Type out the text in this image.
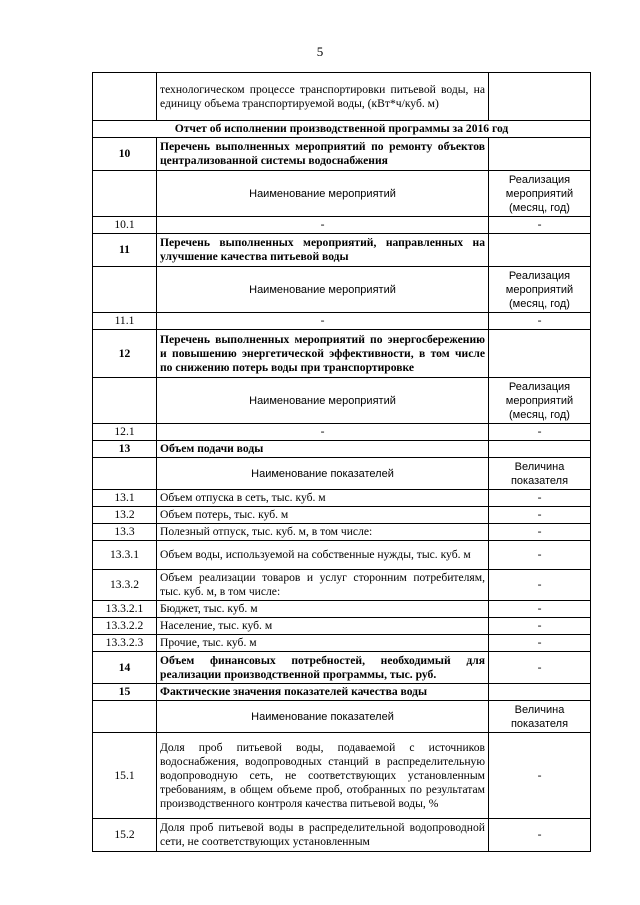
5
	технологическом процессе транспортировки питьевой воды, на единицу объема транспортируемой воды, (кВт*ч/куб. м)	
Отчет об исполнении производственной программы за 2016 год		
10	Перечень выполненных мероприятий по ремонту объектов централизованной системы водоснабжения	
	Наименование мероприятий	Реализация мероприятий (месяц, год)
10.1	-	-
11	Перечень выполненных мероприятий, направленных на улучшение качества питьевой воды	
	Наименование мероприятий	Реализация мероприятий (месяц, год)
11.1	-	-
12	Перечень выполненных мероприятий по энергосбережению и повышению энергетической эффективности, в том числе по снижению потерь воды при транспортировке	
	Наименование мероприятий	Реализация мероприятий (месяц, год)
12.1	-	-
13	Объем подачи воды	
	Наименование показателей	Величина показателя
13.1	Объем отпуска в сеть, тыс. куб. м	-
13.2	Объем потерь, тыс. куб. м	-
13.3	Полезный отпуск, тыс. куб. м, в том числе:	-
13.3.1	Объем воды, используемой на собственные нужды, тыс. куб. м	-
13.3.2	Объем реализации товаров и услуг сторонним потребителям, тыс. куб. м, в том числе:	-
13.3.2.1	Бюджет, тыс. куб. м	-
13.3.2.2	Население, тыс. куб. м	-
13.3.2.3	Прочие, тыс. куб. м	-
14	Объем финансовых потребностей, необходимый для реализации производственной программы, тыс. руб.	-
15	Фактические значения показателей качества воды	
	Наименование показателей	Величина показателя
15.1	Доля проб питьевой воды, подаваемой с источников водоснабжения, водопроводных станций в распределительную водопроводную сеть, не соответствующих установленным требованиям, в общем объеме проб, отобранных по результатам производственного контроля качества питьевой воды, %	-
15.2	Доля проб питьевой воды в распределительной водопроводной сети, не соответствующих установленным	-
